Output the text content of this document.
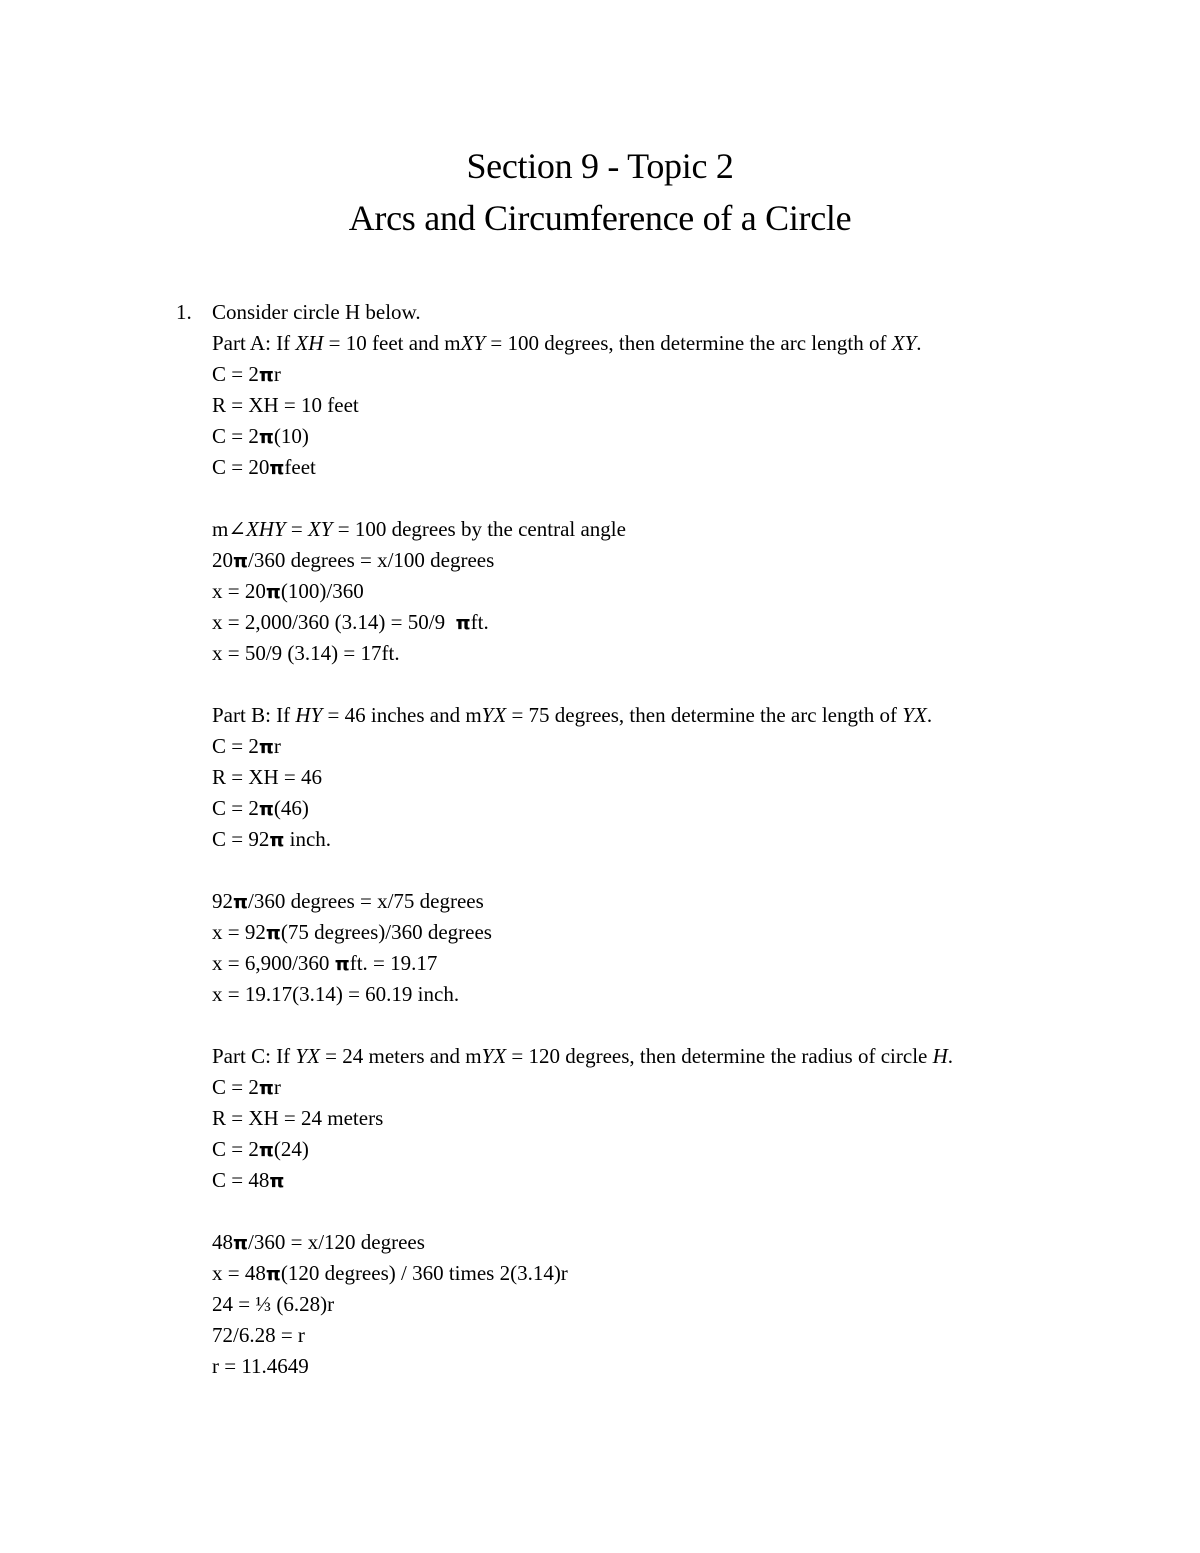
Section 9 - Topic 2
Arcs and Circumference of a Circle
1. Consider circle H below.
Part A: If XH = 10 feet and mXY = 100 degrees, then determine the arc length of XY.
C = 2πr
R = XH = 10 feet
C = 2π(10)
C = 20πfeet
m∠XHY = XY = 100 degrees by the central angle
20π/360 degrees = x/100 degrees
x = 20π(100)/360
x = 2,000/360 (3.14) = 50/9  πft.
x = 50/9 (3.14) = 17ft.
Part B: If HY = 46 inches and mYX = 75 degrees, then determine the arc length of YX.
C = 2πr
R = XH = 46
C = 2π(46)
C = 92π inch.
92π/360 degrees = x/75 degrees
x = 92π(75 degrees)/360 degrees
x = 6,900/360 πft. = 19.17
x = 19.17(3.14) = 60.19 inch.
Part C: If YX = 24 meters and mYX = 120 degrees, then determine the radius of circle H.
C = 2πr
R = XH = 24 meters
C = 2π(24)
C = 48π
48π/360 = x/120 degrees
x = 48π(120 degrees) / 360 times 2(3.14)r
24 = ⅓ (6.28)r
72/6.28 = r
r = 11.4649
